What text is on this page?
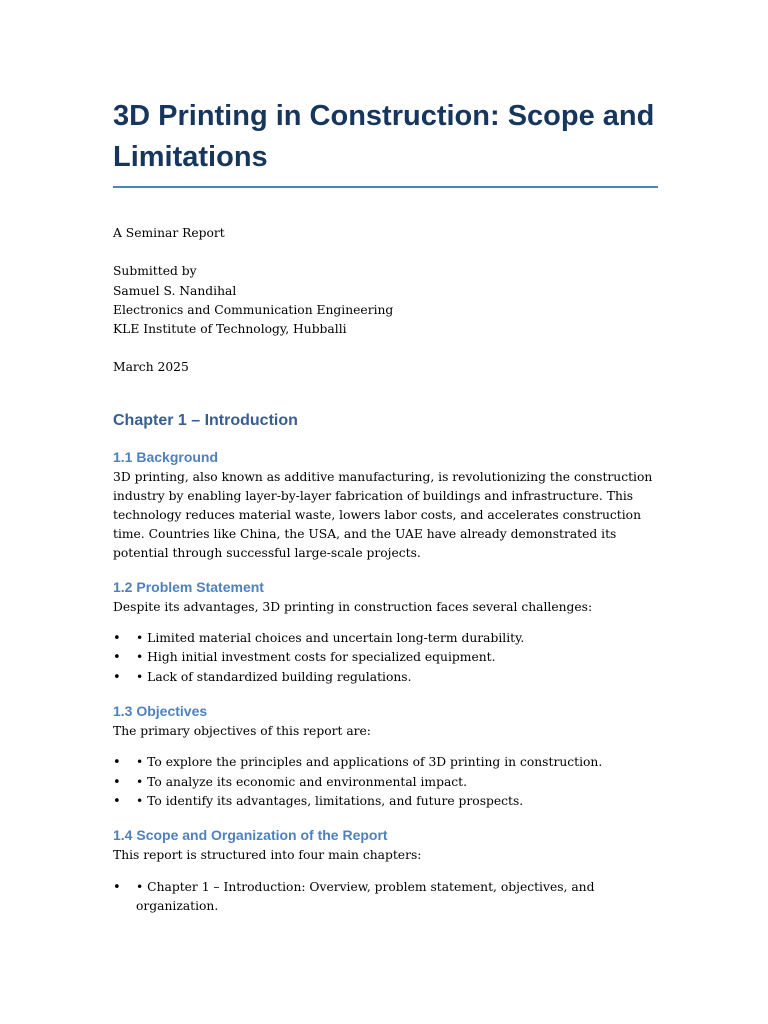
3D Printing in Construction: Scope and Limitations

A Seminar Report

Submitted by

Samuel S. Nandihal

Electronics and Communication Engineering

KLE Institute of Technology, Hubballi

March 2025

Chapter 1 – Introduction
1.1 Background

3D printing, also known as additive manufacturing, is revolutionizing the construction industry by enabling layer-by-layer fabrication of buildings and infrastructure. This technology reduces material waste, lowers labor costs, and accelerates construction time. Countries like China, the USA, and the UAE have already demonstrated its potential through successful large-scale projects.

1.2 Problem Statement

Despite its advantages, 3D printing in construction faces several challenges:

• • Limited material choices and uncertain long-term durability.
• • High initial investment costs for specialized equipment.
• • Lack of standardized building regulations.
1.3 Objectives

The primary objectives of this report are:

• • To explore the principles and applications of 3D printing in construction.
• • To analyze its economic and environmental impact.
• • To identify its advantages, limitations, and future prospects.
1.4 Scope and Organization of the Report

This report is structured into four main chapters:

• • Chapter 1 – Introduction: Overview, problem statement, objectives, and organization.
